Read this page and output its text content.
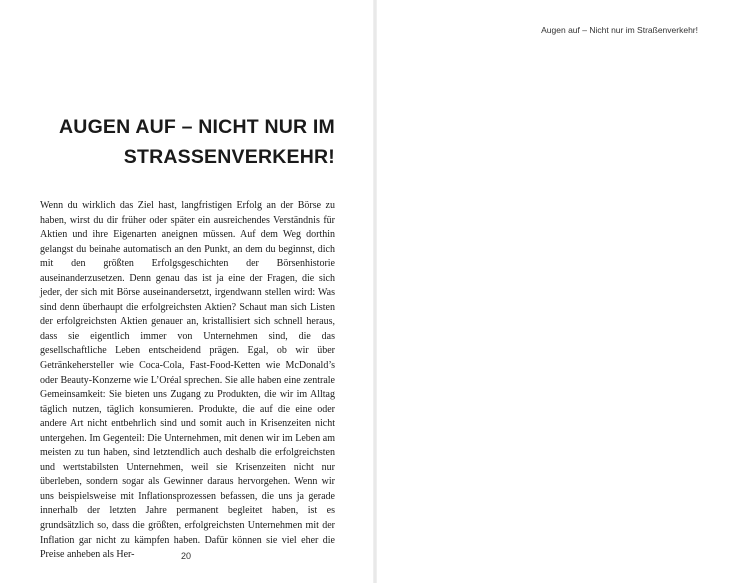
AUGEN AUF – NICHT NUR IM
STRASSENVERKEHR!

Wenn du wirklich das Ziel hast, langfristigen Erfolg an der Börse zu haben, wirst du dir früher oder später ein ausreichendes Verständnis für Aktien und ihre Eigenarten aneignen müssen. Auf dem Weg dorthin gelangst du beinahe automatisch an den Punkt, an dem du beginnst, dich mit den größten Erfolgsgeschichten der Börsenhistorie auseinanderzusetzen. Denn genau das ist ja eine der Fragen, die sich jeder, der sich mit Börse auseinandersetzt, irgendwann stellen wird: Was sind denn überhaupt die erfolgreichsten Aktien? Schaut man sich Listen der erfolgreichsten Aktien genauer an, kristallisiert sich schnell heraus, dass sie eigentlich immer von Unternehmen sind, die das gesellschaftliche Leben entscheidend prägen. Egal, ob wir über Getränkehersteller wie Coca-Cola, Fast-Food-Ketten wie McDonald’s oder Beauty-Konzerne wie L’Oréal sprechen. Sie alle haben eine zentrale Gemeinsamkeit: Sie bieten uns Zugang zu Produkten, die wir im Alltag täglich nutzen, täglich konsumieren. Produkte, die auf die eine oder andere Art nicht entbehrlich sind und somit auch in Krisenzeiten nicht untergehen. Im Gegenteil: Die Unternehmen, mit denen wir im Leben am meisten zu tun haben, sind letztendlich auch deshalb die erfolgreichsten und wertstabilsten Unternehmen, weil sie Krisenzeiten nicht nur überleben, sondern sogar als Gewinner daraus hervorgehen. Wenn wir uns beispielsweise mit Inflationsprozessen befassen, die uns ja gerade innerhalb der letzten Jahre permanent begleitet haben, ist es grundsätzlich so, dass die größten, erfolgreichsten Unternehmen mit der Inflation gar nicht zu kämpfen haben. Dafür können sie viel eher die Preise anheben als Her-	20

Augen auf – Nicht nur im Straßenverkehr!
